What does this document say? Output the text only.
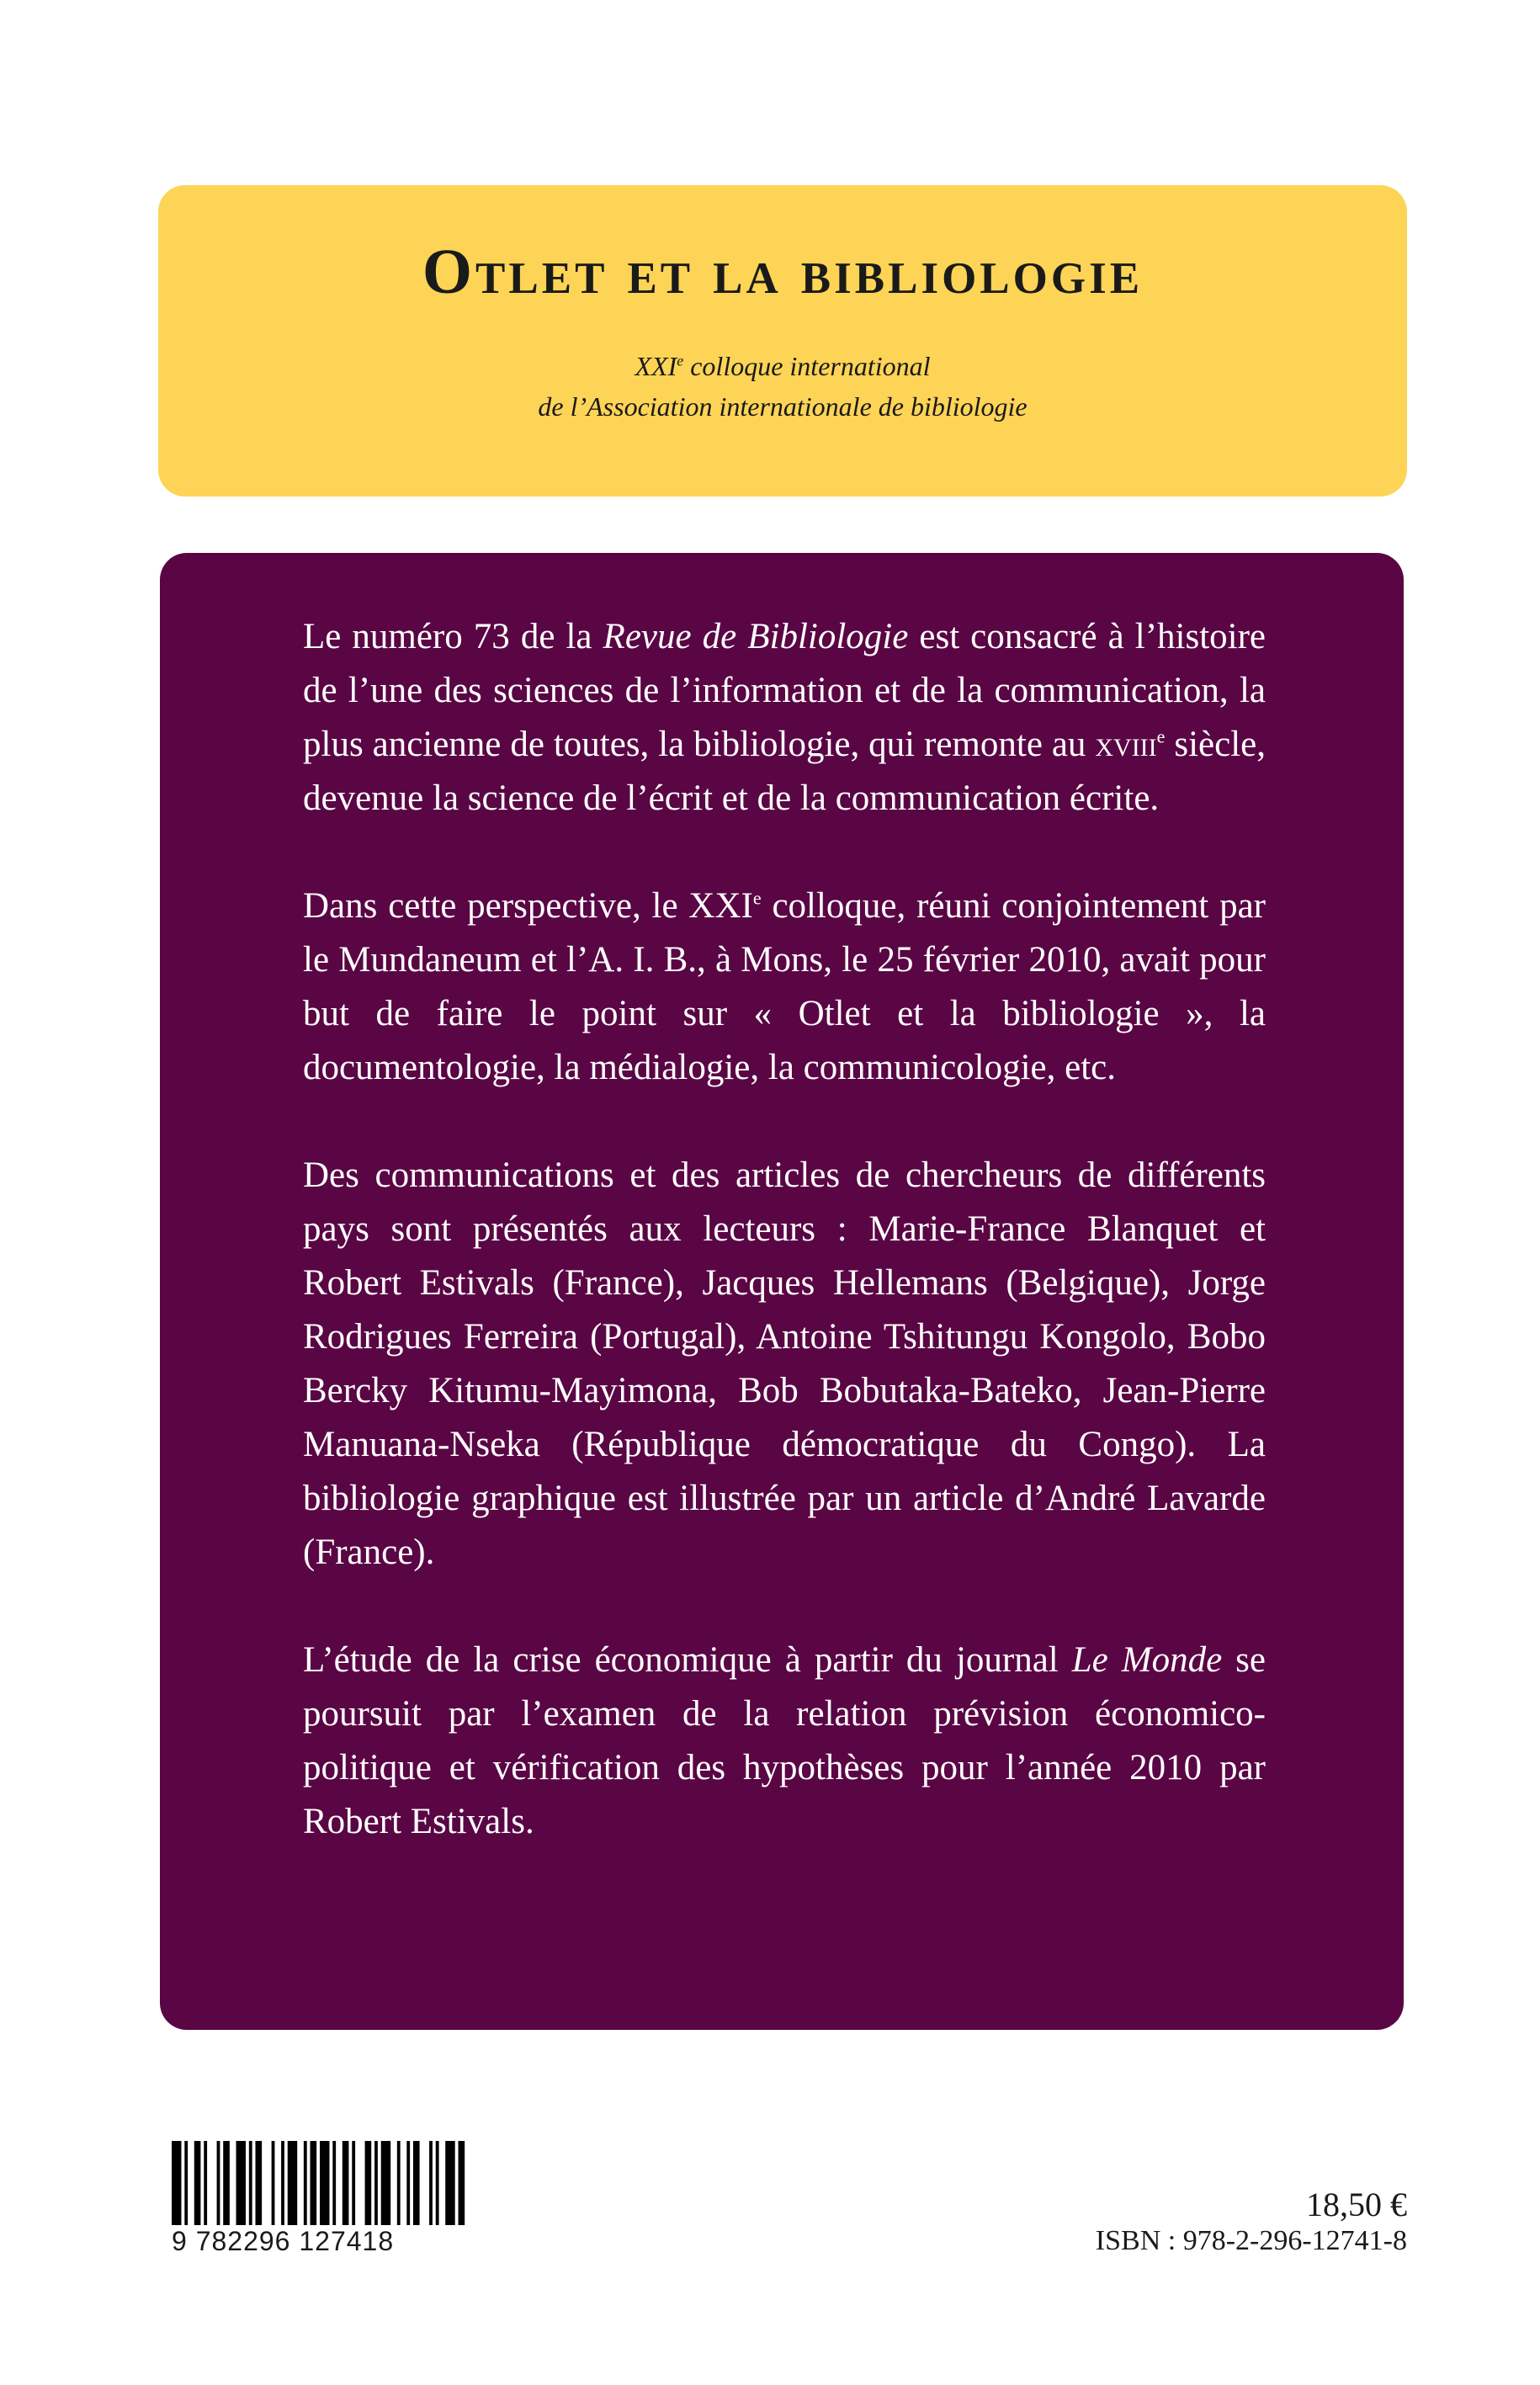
Otlet et la bibliologie
XXIe colloque international
de l’Association internationale de bibliologie

Le numéro 73 de la Revue de Bibliologie est consacré à l’histoire de l’une des sciences de l’information et de la communication, la plus ancienne de toutes, la bibliologie, qui remonte au xviii$^e$ siècle, devenue la science de l’écrit et de la communication écrite.

Dans cette perspective, le XXIe colloque, réuni conjointement par le Mundaneum et l’A. I. B., à Mons, le 25 février 2010, avait pour but de faire le point sur « Otlet et la bibliologie », la documentologie, la médialogie, la communicologie, etc.

Des communications et des articles de chercheurs de différents pays sont présentés aux lecteurs : Marie-France Blanquet et Robert Estivals (France), Jacques Hellemans (Belgique), Jorge Rodrigues Ferreira (Portugal), Antoine Tshitungu Kongolo, Bobo Bercky Kitumu-Mayimona, Bob Bobutaka-Bateko, Jean-Pierre Manuana-Nseka (République démocratique du Congo). La bibliologie graphique est illustrée par un article d’André Lavarde (France).

L’étude de la crise économique à partir du journal Le Monde se poursuit par l’examen de la relation prévision économico-politique et vérification des hypothèses pour l’année 2010 par Robert Estivals.

9 782296 127418
18,50 €
ISBN : 978-2-296-12741-8
